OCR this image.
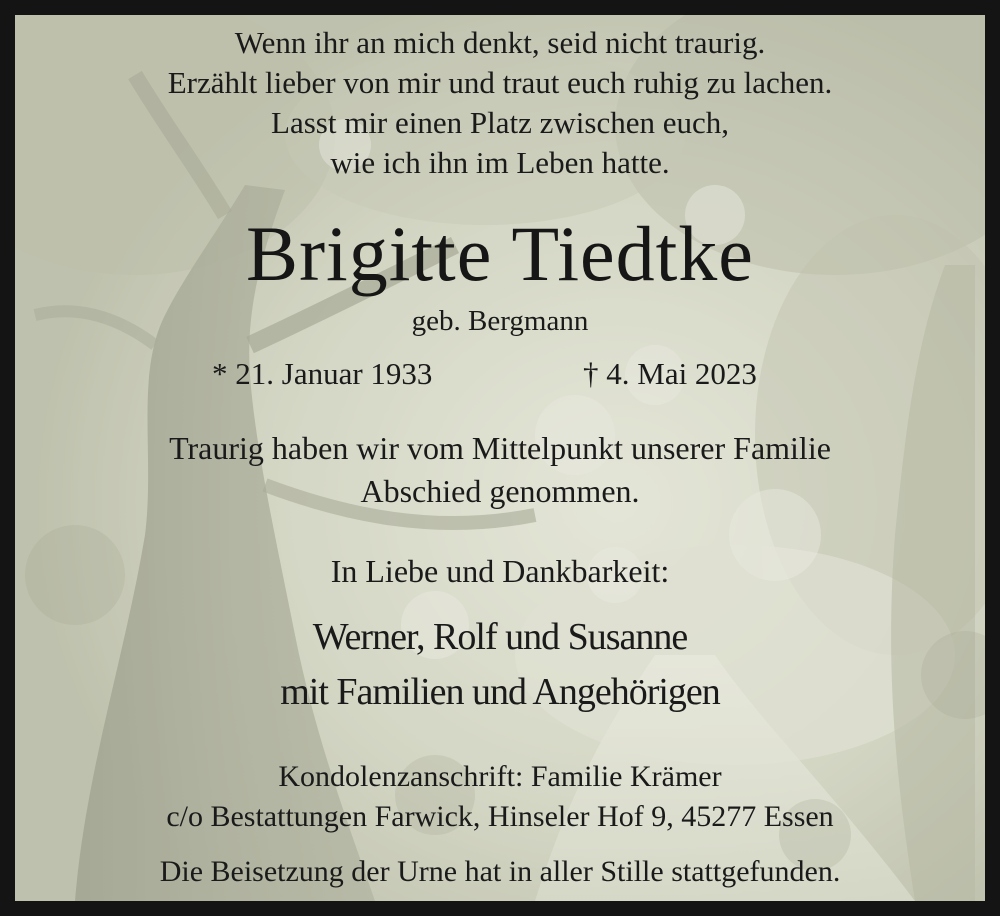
Wenn ihr an mich denkt, seid nicht traurig.
Erzählt lieber von mir und traut euch ruhig zu lachen.
Lasst mir einen Platz zwischen euch,
wie ich ihn im Leben hatte.
Brigitte Tiedtke
geb. Bergmann
* 21. Januar 1933	† 4. Mai 2023
Traurig haben wir vom Mittelpunkt unserer Familie
Abschied genommen.
In Liebe und Dankbarkeit:
Werner, Rolf und Susanne
mit Familien und Angehörigen
Kondolenzanschrift: Familie Krämer
c/o Bestattungen Farwick, Hinseler Hof 9, 45277 Essen
Die Beisetzung der Urne hat in aller Stille stattgefunden.
